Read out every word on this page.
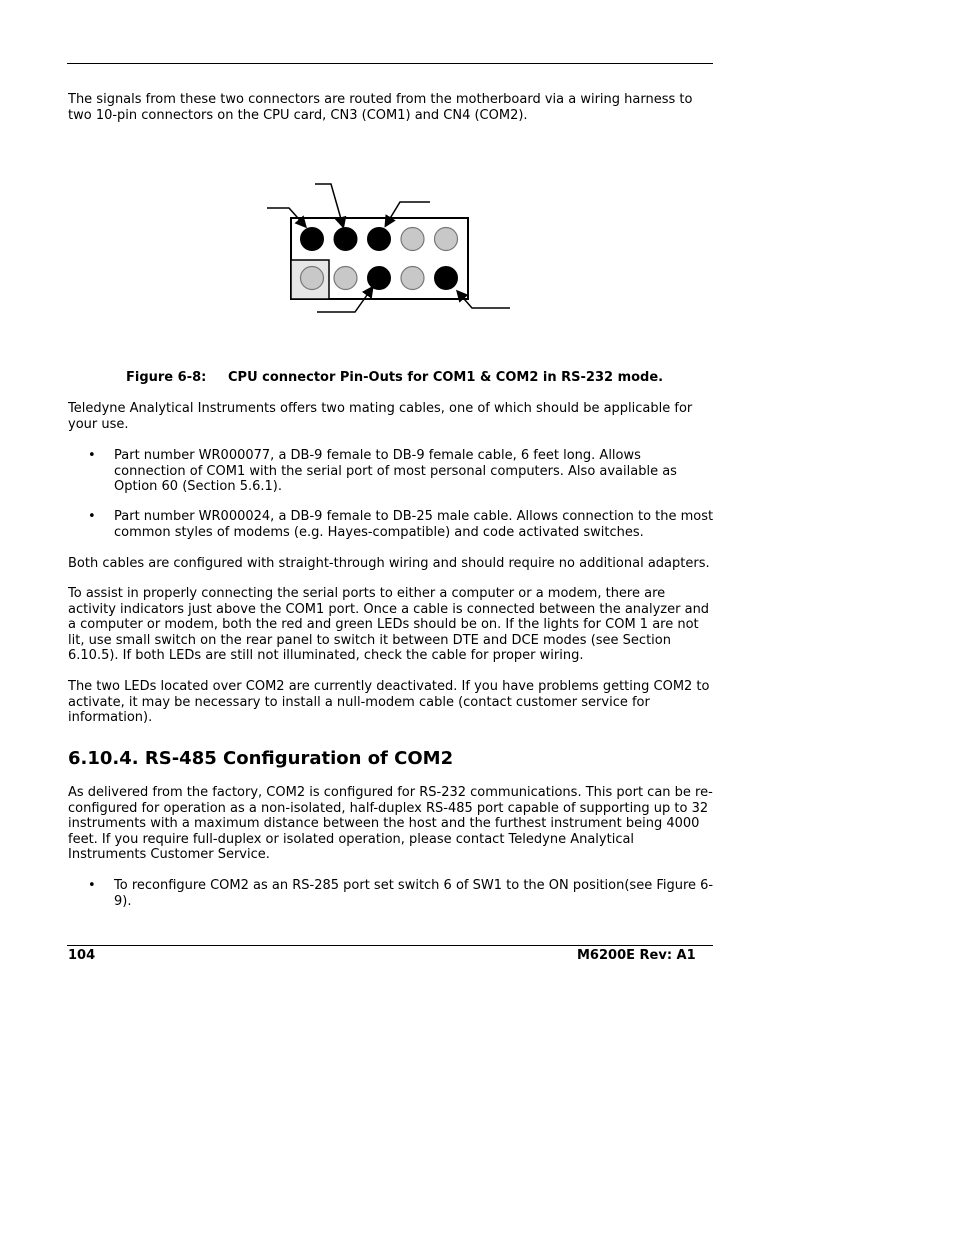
The signals from these two connectors are routed from the motherboard via a wiring harness to two 10-pin connectors on the CPU card, CN3 (COM1) and CN4 (COM2).

Figure 6-8: CPU connector Pin-Outs for COM1 & COM2 in RS-232 mode.

Teledyne Analytical Instruments offers two mating cables, one of which should be applicable for your use.

• Part number WR000077, a DB-9 female to DB-9 female cable, 6 feet long. Allows connection of COM1 with the serial port of most personal computers. Also available as Option 60 (Section 5.6.1).

• Part number WR000024, a DB-9 female to DB-25 male cable. Allows connection to the most common styles of modems (e.g. Hayes-compatible) and code activated switches.

Both cables are configured with straight-through wiring and should require no additional adapters.

To assist in properly connecting the serial ports to either a computer or a modem, there are activity indicators just above the COM1 port. Once a cable is connected between the analyzer and a computer or modem, both the red and green LEDs should be on. If the lights for COM 1 are not lit, use small switch on the rear panel to switch it between DTE and DCE modes (see Section 6.10.5). If both LEDs are still not illuminated, check the cable for proper wiring.

The two LEDs located over COM2 are currently deactivated. If you have problems getting COM2 to activate, it may be necessary to install a null-modem cable (contact customer service for information).

6.10.4. RS-485 Configuration of COM2

As delivered from the factory, COM2 is configured for RS-232 communications. This port can be re-configured for operation as a non-isolated, half-duplex RS-485 port capable of supporting up to 32 instruments with a maximum distance between the host and the furthest instrument being 4000 feet. If you require full-duplex or isolated operation, please contact Teledyne Analytical Instruments Customer Service.

• To reconfigure COM2 as an RS-285 port set switch 6 of SW1 to the ON position(see Figure 6-9).

104	M6200E Rev: A1
